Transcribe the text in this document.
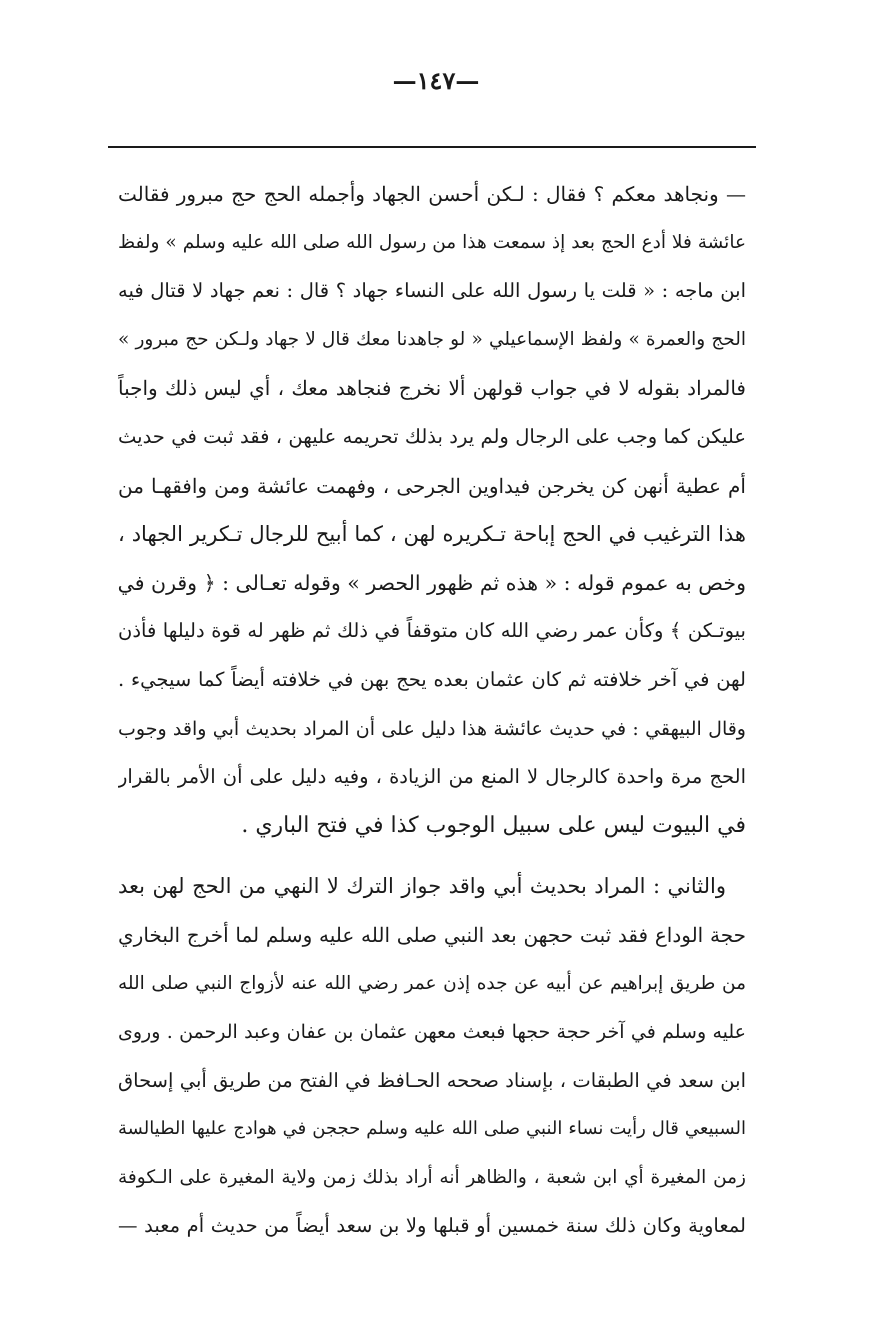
—١٤٧—
— ونجاهد معكم ؟ فقال : لـكن أحسن الجهاد وأجمله الحج حج مبرور فقالت
عائشة فلا أدع الحج بعد إذ سمعت هذا من رسول الله صلى الله عليه وسلم » ولفظ
ابن ماجه : « قلت يا رسول الله على النساء جهاد ؟ قال : نعم جهاد لا قتال فيه
الحج والعمرة » ولفظ الإسماعيلي « لو جاهدنا معك قال لا جهاد ولـكن حج مبرور »
فالمراد بقوله لا في جواب قولهن ألا نخرج فنجاهد معك ، أي ليس ذلك واجباً
عليكن كما وجب على الرجال ولم يرد بذلك تحريمه عليهن ، فقد ثبت في حديث
أم عطية أنهن كن يخرجن فيداوين الجرحى ، وفهمت عائشة ومن وافقهـا من
هذا الترغيب في الحج إباحة تـكريره لهن ، كما أبيح للرجال تـكرير الجهاد ،
وخص به عموم قوله : « هذه ثم ظهور الحصر » وقوله تعـالى : ﴿ وقرن في
بيوتـكن ﴾ وكأن عمر رضي الله كان متوقفاً في ذلك ثم ظهر له قوة دليلها فأذن
لهن في آخر خلافته ثم كان عثمان بعده يحج بهن في خلافته أيضاً كما سيجيء .
وقال البيهقي : في حديث عائشة هذا دليل على أن المراد بحديث أبي واقد وجوب
الحج مرة واحدة كالرجال لا المنع من الزيادة ، وفيه دليل على أن الأمر بالقرار
في البيوت ليس على سبيل الوجوب كذا في فتح الباري .
والثاني : المراد بحديث أبي واقد جواز الترك لا النهي من الحج لهن بعد
حجة الوداع فقد ثبت حجهن بعد النبي صلى الله عليه وسلم لما أخرج البخاري
من طريق إبراهيم عن أبيه عن جده إذن عمر رضي الله عنه لأزواج النبي صلى الله
عليه وسلم في آخر حجة حجها فبعث معهن عثمان بن عفان وعبد الرحمن . وروى
ابن سعد في الطبقات ، بإسناد صححه الحـافظ في الفتح من طريق أبي إسحاق
السبيعي قال رأيت نساء النبي صلى الله عليه وسلم حججن في هوادج عليها الطيالسة
زمن المغيرة أي ابن شعبة ، والظاهر أنه أراد بذلك زمن ولاية المغيرة على الـكوفة
لمعاوية وكان ذلك سنة خمسين أو قبلها ولا بن سعد أيضاً من حديث أم معبد —
